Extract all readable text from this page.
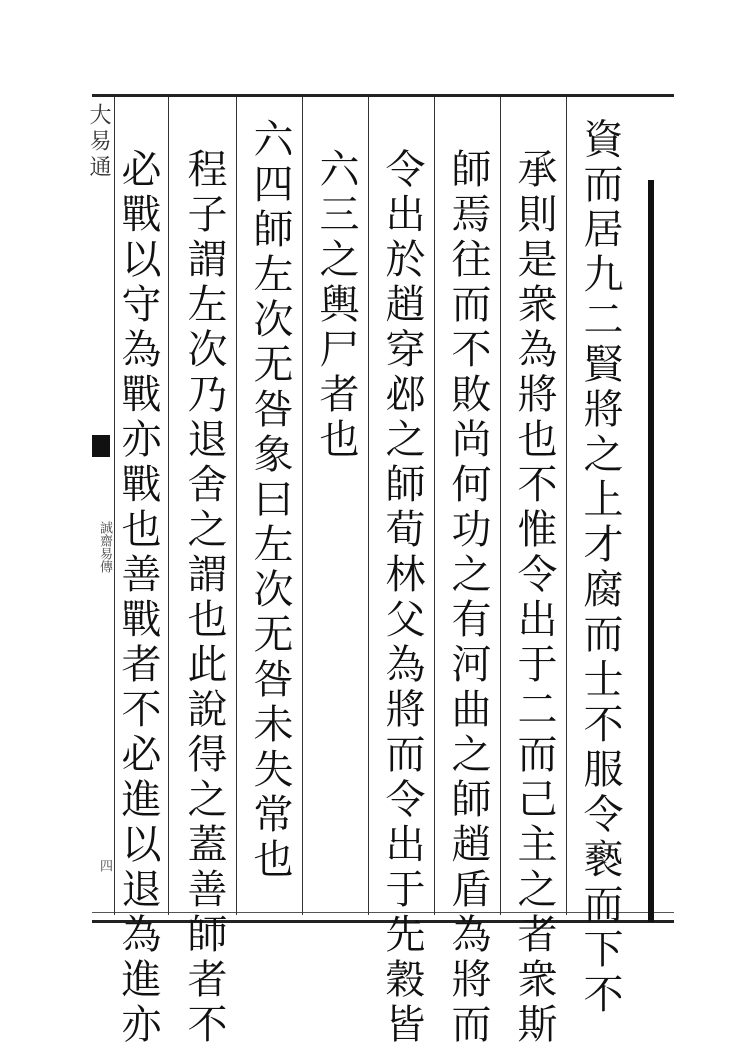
大易通
誠齋易傳
四	資而居九二賢將之上才腐而士不服令褻而下不
承則是衆為將也不惟令出于二而己主之者衆斯
師焉往而不敗尚何功之有河曲之師趙盾為將而
令出於趙穿邲之師荀林父為將而令出于先穀皆
六三之輿尸者也
六四師左次无咎象曰左次无咎未失常也
程子謂左次乃退舍之謂也此說得之蓋善師者不
必戰以守為戰亦戰也善戰者不必進以退為進亦
